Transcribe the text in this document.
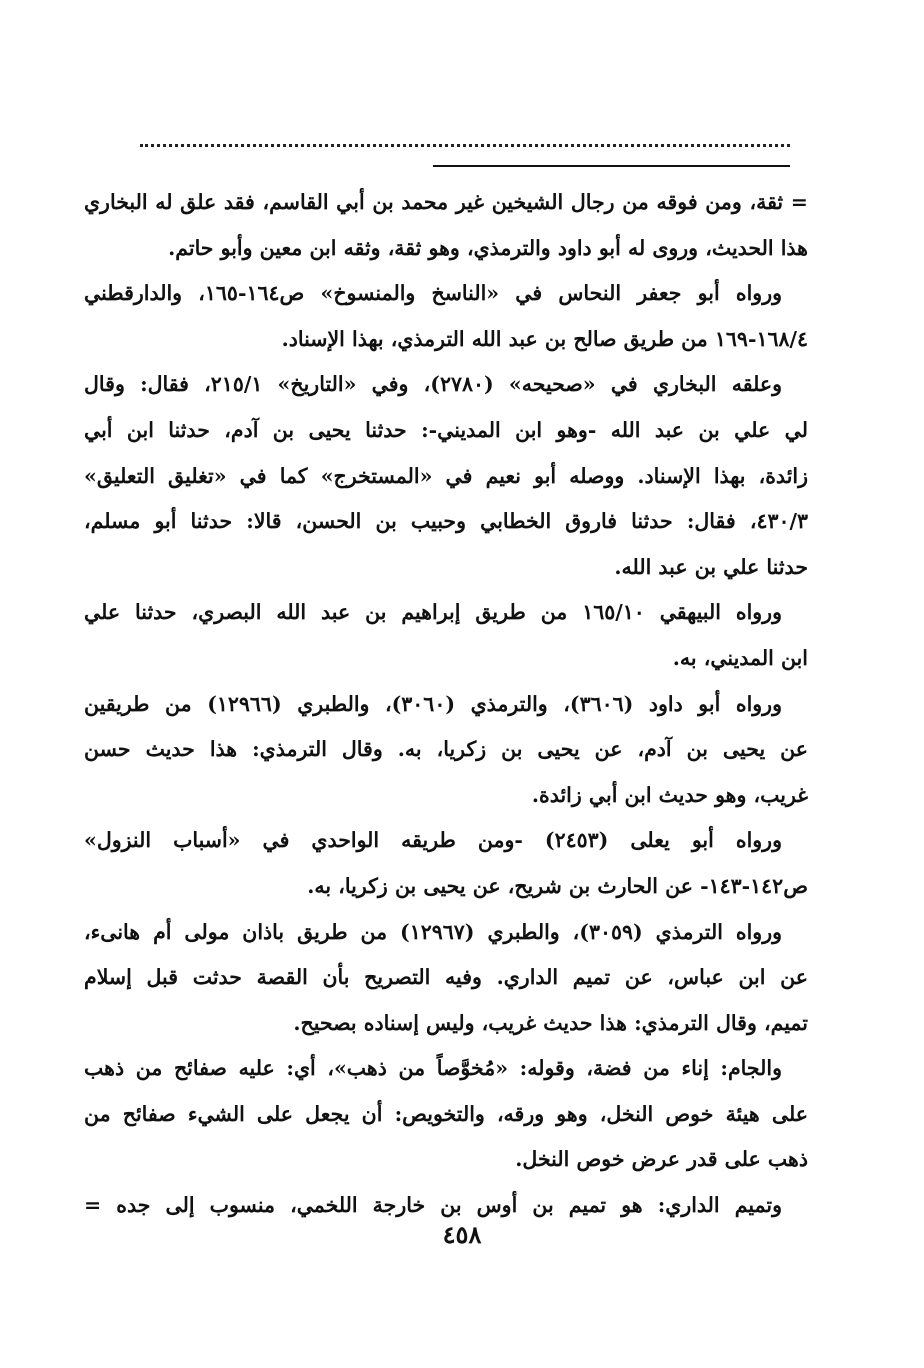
= ثقة، ومن فوقه من رجال الشيخين غير محمد بن أبي القاسم، فقد علق له البخاري
هذا الحديث، وروى له أبو داود والترمذي، وهو ثقة، وثقه ابن معين وأبو حاتم.
ورواه أبو جعفر النحاس في «الناسخ والمنسوخ» ص١٦٤-١٦٥، والدارقطني
١٦٨/٤-١٦٩ من طريق صالح بن عبد الله الترمذي، بهذا الإسناد.
وعلقه البخاري في «صحيحه» (٢٧٨٠)، وفي «التاريخ» ٢١٥/١، فقال: وقال
لي علي بن عبد الله -وهو ابن المديني-: حدثنا يحيى بن آدم، حدثنا ابن أبي
زائدة، بهذا الإسناد. ووصله أبو نعيم في «المستخرج» كما في «تغليق التعليق»
٤٣٠/٣، فقال: حدثنا فاروق الخطابي وحبيب بن الحسن، قالا: حدثنا أبو مسلم،
حدثنا علي بن عبد الله.
ورواه البيهقي ١٦٥/١٠ من طريق إبراهيم بن عبد الله البصري، حدثنا علي
ابن المديني، به.
ورواه أبو داود (٣٦٠٦)، والترمذي (٣٠٦٠)، والطبري (١٢٩٦٦) من طريقين
عن يحيى بن آدم، عن يحيى بن زكريا، به. وقال الترمذي: هذا حديث حسن
غريب، وهو حديث ابن أبي زائدة.
ورواه أبو يعلى (٢٤٥٣) -ومن طريقه الواحدي في «أسباب النزول»
ص١٤٢-١٤٣- عن الحارث بن شريح، عن يحيى بن زكريا، به.
ورواه الترمذي (٣٠٥٩)، والطبري (١٢٩٦٧) من طريق باذان مولى أم هانىء،
عن ابن عباس، عن تميم الداري. وفيه التصريح بأن القصة حدثت قبل إسلام
تميم، وقال الترمذي: هذا حديث غريب، وليس إسناده بصحيح.
والجام: إناء من فضة، وقوله: «مُخوَّصاً من ذهب»، أي: عليه صفائح من ذهب
على هيئة خوص النخل، وهو ورقه، والتخويص: أن يجعل على الشيء صفائح من
ذهب على قدر عرض خوص النخل.
وتميم الداري: هو تميم بن أوس بن خارجة اللخمي، منسوب إلى جده =
٤٥٨
